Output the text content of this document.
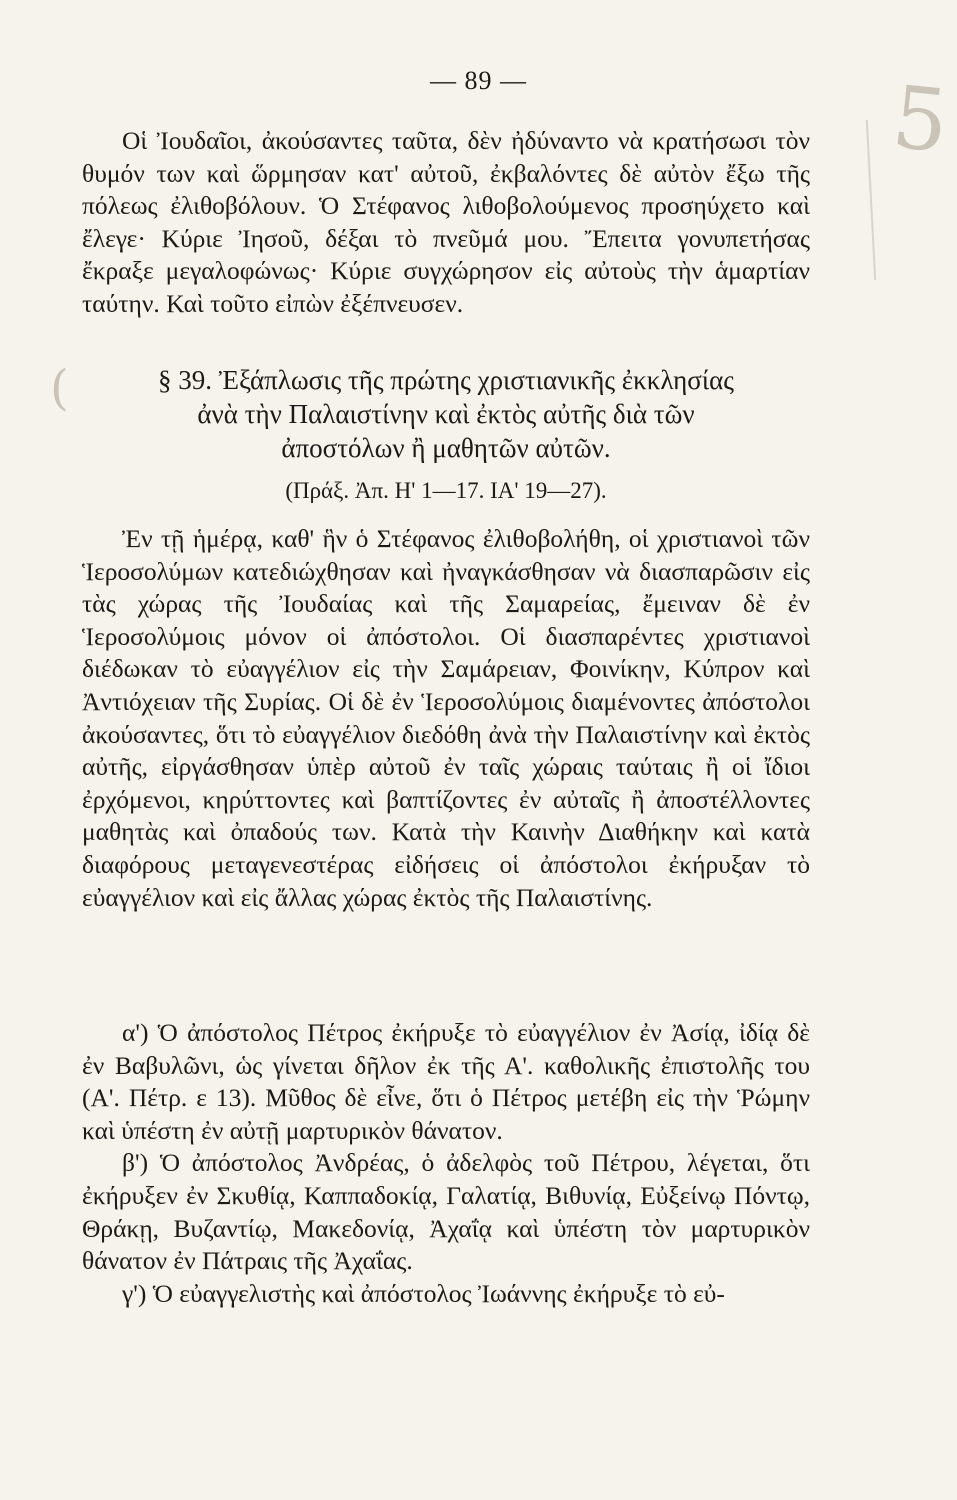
5
(
— 89 —

Οἱ Ἰουδαῖοι, ἀκούσαντες ταῦτα, δὲν ἠδύναντο νὰ κρατήσωσι τὸν θυμόν των καὶ ὥρμησαν κατ' αὐτοῦ, ἐκβαλόντες δὲ αὐτὸν ἔξω τῆς πόλεως ἐλιθοβόλουν. Ὁ Στέφανος λιθοβολούμενος προσηύχετο καὶ ἔλεγε· Κύριε Ἰησοῦ, δέξαι τὸ πνεῦμά μου. Ἔπειτα γονυπετήσας ἔκραξε μεγαλοφώνως· Κύριε συγχώρησον εἰς αὐτοὺς τὴν ἁμαρτίαν ταύτην. Καὶ τοῦτο εἰπὼν ἐξέπνευσεν.

§ 39. Ἐξάπλωσις τῆς πρώτης χριστιανικῆς ἐκκλησίας
ἀνὰ τὴν Παλαιστίνην καὶ ἐκτὸς αὐτῆς διὰ τῶν
ἀποστόλων ἢ μαθητῶν αὐτῶν.
(Πράξ. Ἀπ. Η' 1—17. ΙΑ' 19—27).

Ἐν τῇ ἡμέρᾳ, καθ' ἣν ὁ Στέφανος ἐλιθοβολήθη, οἱ χριστιανοὶ τῶν Ἱεροσολύμων κατεδιώχθησαν καὶ ἠναγκάσθησαν νὰ διασπαρῶσιν εἰς τὰς χώρας τῆς Ἰουδαίας καὶ τῆς Σαμαρείας, ἔμειναν δὲ ἐν Ἱεροσολύμοις μόνον οἱ ἀπόστολοι. Οἱ διασπαρέντες χριστιανοὶ διέδωκαν τὸ εὐαγγέλιον εἰς τὴν Σαμάρειαν, Φοινίκην, Κύπρον καὶ Ἀντιόχειαν τῆς Συρίας. Οἱ δὲ ἐν Ἱεροσολύμοις διαμένοντες ἀπόστολοι ἀκούσαντες, ὅτι τὸ εὐαγγέλιον διεδόθη ἀνὰ τὴν Παλαιστίνην καὶ ἐκτὸς αὐτῆς, εἰργάσθησαν ὑπὲρ αὐτοῦ ἐν ταῖς χώραις ταύταις ἢ οἱ ἴδιοι ἐρχόμενοι, κηρύττοντες καὶ βαπτίζοντες ἐν αὐταῖς ἢ ἀποστέλλοντες μαθητὰς καὶ ὀπαδούς των. Κατὰ τὴν Καινὴν Διαθήκην καὶ κατὰ διαφόρους μεταγενεστέρας εἰδήσεις οἱ ἀπόστολοι ἐκήρυξαν τὸ εὐαγγέλιον καὶ εἰς ἄλλας χώρας ἐκτὸς τῆς Παλαιστίνης.

α') Ὁ ἀπόστολος Πέτρος ἐκήρυξε τὸ εὐαγγέλιον ἐν Ἀσίᾳ, ἰδίᾳ δὲ ἐν Βαβυλῶνι, ὡς γίνεται δῆλον ἐκ τῆς Α'. καθολικῆς ἐπιστολῆς του (Α'. Πέτρ. ε 13). Μῦθος δὲ εἶνε, ὅτι ὁ Πέτρος μετέβη εἰς τὴν Ῥώμην καὶ ὑπέστη ἐν αὐτῇ μαρτυρικὸν θάνατον.

β') Ὁ ἀπόστολος Ἀνδρέας, ὁ ἀδελφὸς τοῦ Πέτρου, λέγεται, ὅτι ἐκήρυξεν ἐν Σκυθίᾳ, Καππαδοκίᾳ, Γαλατίᾳ, Βιθυνίᾳ, Εὐξείνῳ Πόντῳ, Θράκῃ, Βυζαντίῳ, Μακεδονίᾳ, Ἀχαΐᾳ καὶ ὑπέστη τὸν μαρτυρικὸν θάνατον ἐν Πάτραις τῆς Ἀχαΐας.

γ') Ὁ εὐαγγελιστὴς καὶ ἀπόστολος Ἰωάννης ἐκήρυξε τὸ εὐ-
